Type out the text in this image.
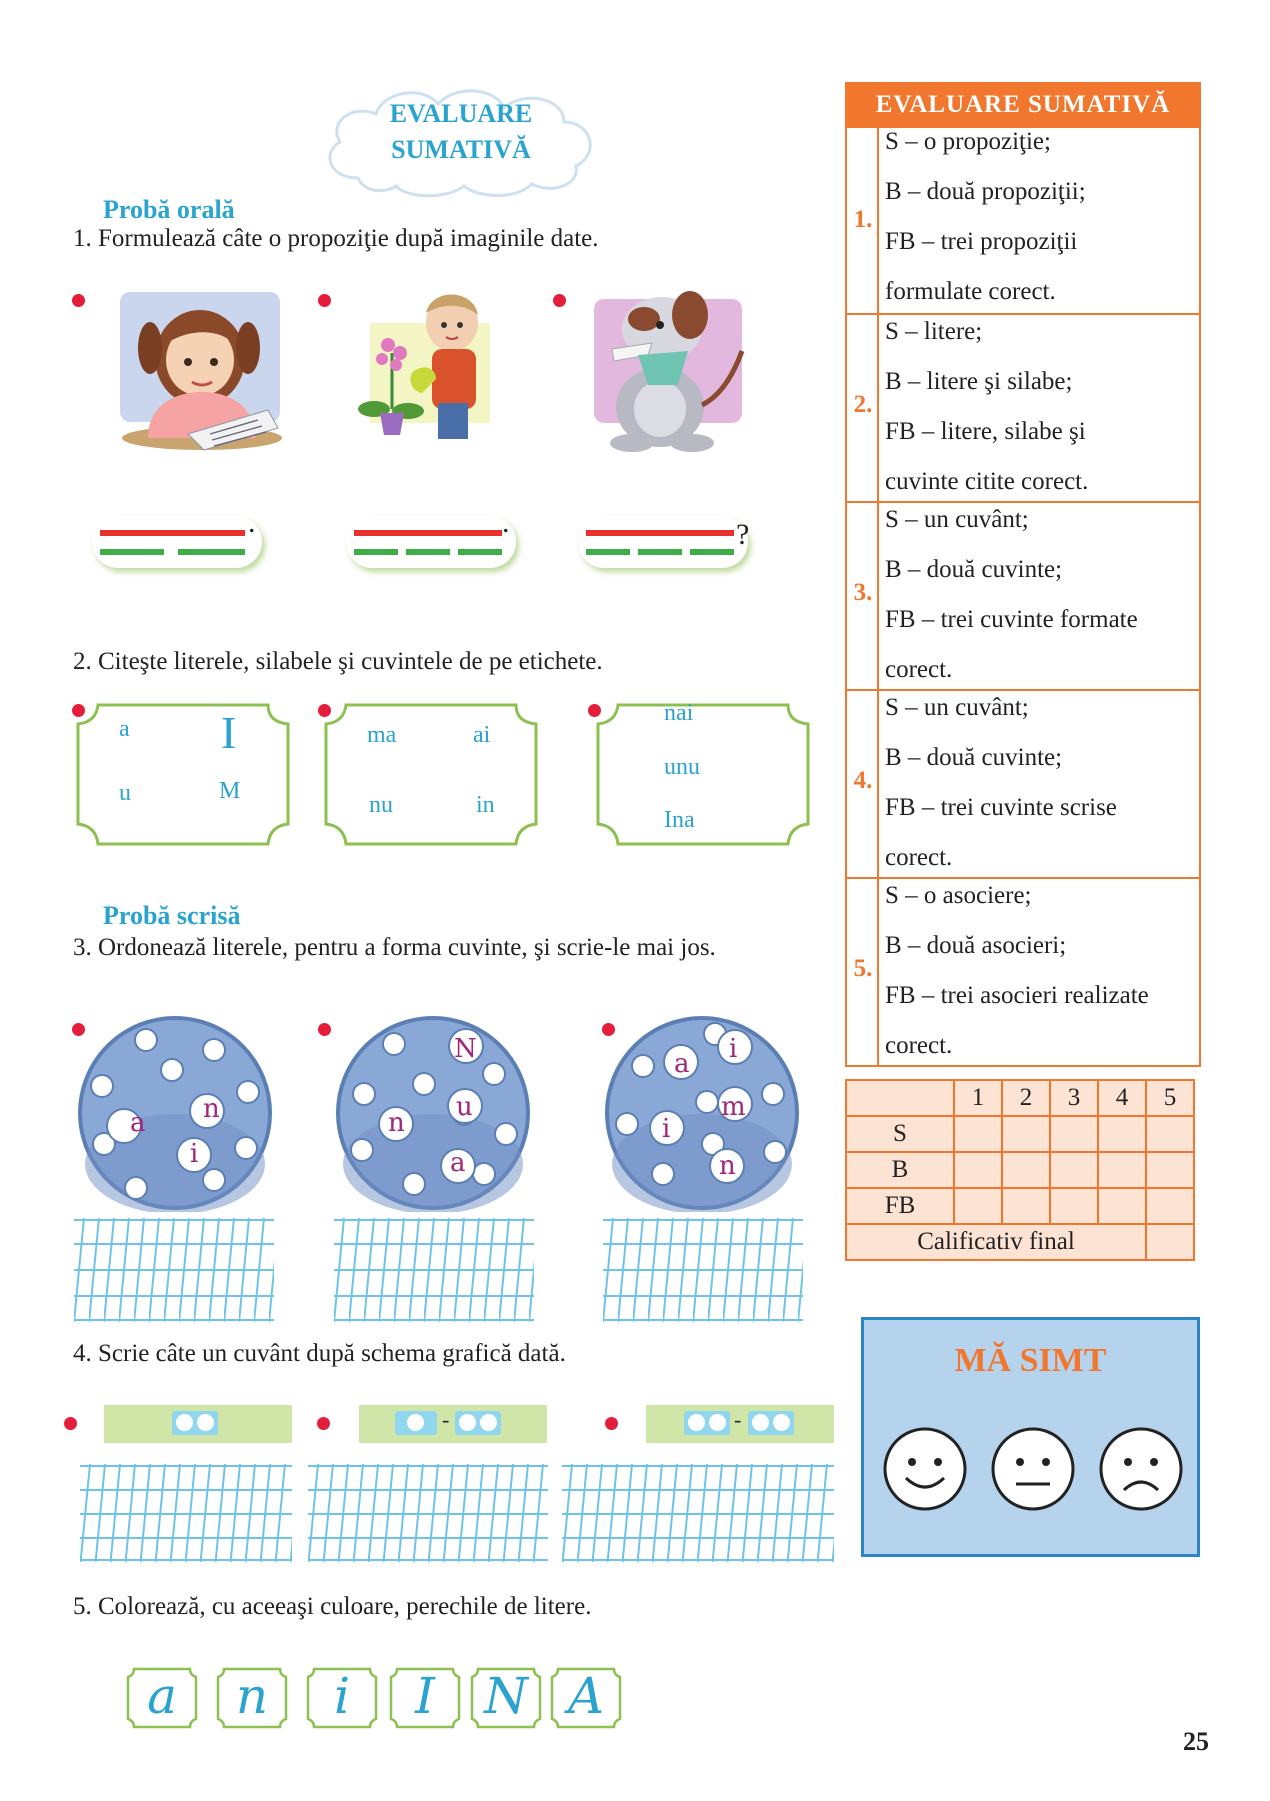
EVALUARE
SUMATIVĂ
Probă orală
1. Formulează câte o propoziţie după imaginile date.
.	.	?
2. Citeşte literele, silabele şi cuvintele de pe etichete.
a I
u	M
ma	ai
nu	in
nai
unu
Ina
Probă scrisă
3. Ordonează literele, pentru a forma cuvinte, şi scrie-le mai jos.
n
a
i
N
u
n
a
a i
m
i
n
4. Scrie câte un cuvânt după schema grafică dată.
-	-
5. Colorează, cu aceeaşi culoare, perechile de litere.
a	n	i	I N A
EVALUARE SUMATIVĂ
1.
S – o propoziţie;
B – două propoziţii;
FB – trei propoziţii
formulate corect.
2.
S – litere;
B – litere şi silabe;
FB – litere, silabe şi
cuvinte citite corect.
3.
S – un cuvânt;
B – două cuvinte;
FB – trei cuvinte formate
corect.
4.
S – un cuvânt;
B – două cuvinte;
FB – trei cuvinte scrise
corect.
5.
S – o asociere;
B – două asocieri;
FB – trei asocieri realizate
corect.
	1	2	3	4	5
S					
B					
FB					
Calificativ final					
MĂ SIMT
25
